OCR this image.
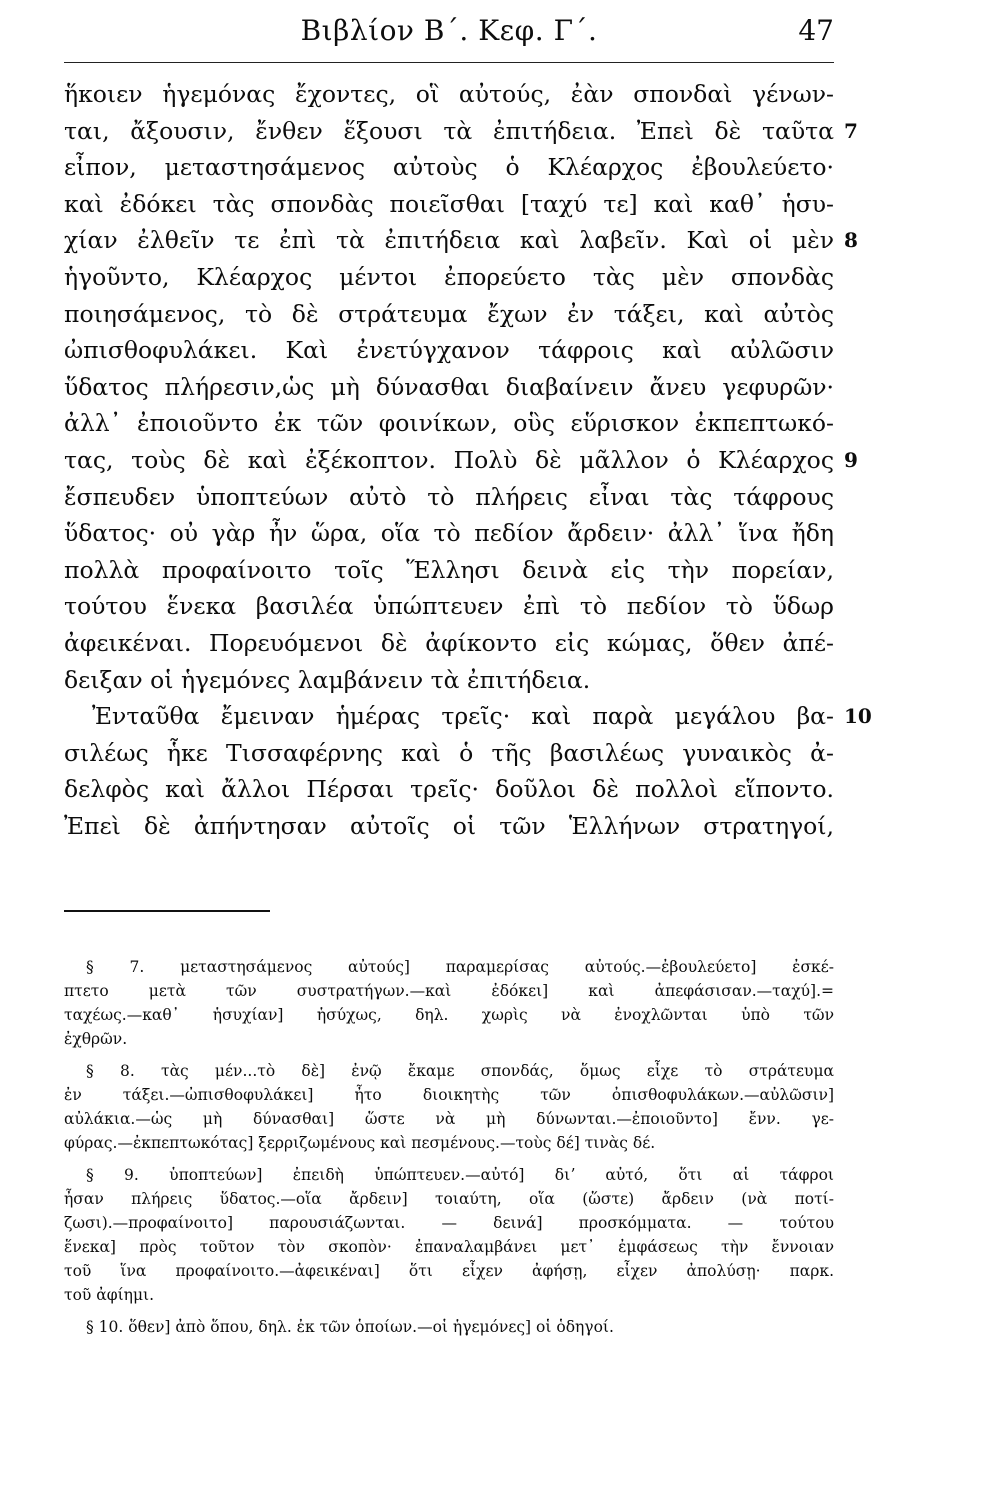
Βιβλίον Β΄. Κεφ. Γ΄.	47
ἥκοιεν ἡγεμόνας ἔχοντες, οἳ αὐτούς, ἐὰν σπονδαὶ γένων-
ται, ἄξουσιν, ἔνθεν ἕξουσι τὰ ἐπιτήδεια. Ἐπεὶ δὲ ταῦτα 7
εἶπον, μεταστησάμενος αὐτοὺς ὁ Κλέαρχος ἐβουλεύετο·
καὶ ἐδόκει τὰς σπονδὰς ποιεῖσθαι [ταχύ τε] καὶ καθ᾽ ἡσυ-
χίαν ἐλθεῖν τε ἐπὶ τὰ ἐπιτήδεια καὶ λαβεῖν. Καὶ οἱ μὲν 8
ἡγοῦντο, Κλέαρχος μέντοι ἐπορεύετο τὰς μὲν σπονδὰς
ποιησάμενος, τὸ δὲ στράτευμα ἔχων ἐν τάξει, καὶ αὐτὸς
ὠπισθοφυλάκει. Καὶ ἐνετύγχανον τάφροις καὶ αὐλῶσιν
ὕδατος πλήρεσιν,ὡς μὴ δύνασθαι διαβαίνειν ἄνευ γεφυρῶν·
ἀλλ᾽ ἐποιοῦντο ἐκ τῶν φοινίκων, οὓς εὕρισκον ἐκπεπτωκό-
τας, τοὺς δὲ καὶ ἐξέκοπτον. Πολὺ δὲ μᾶλλον ὁ Κλέαρχος 9
ἔσπευδεν ὑποπτεύων αὐτὸ τὸ πλήρεις εἶναι τὰς τάφρους
ὕδατος· οὐ γὰρ ἦν ὥρα, οἵα τὸ πεδίον ἄρδειν· ἀλλ᾽ ἵνα ἤδη
πολλὰ προφαίνοιτο τοῖς Ἕλλησι δεινὰ εἰς τὴν πορείαν,
τούτου ἕνεκα βασιλέα ὑπώπτευεν ἐπὶ τὸ πεδίον τὸ ὕδωρ
ἀφεικέναι. Πορευόμενοι δὲ ἀφίκοντο εἰς κώμας, ὅθεν ἀπέ-
δειξαν οἱ ἡγεμόνες λαμβάνειν τὰ ἐπιτήδεια.
Ἐνταῦθα ἔμειναν ἡμέρας τρεῖς· καὶ παρὰ μεγάλου βα- 10
σιλέως ἧκε Τισσαφέρνης καὶ ὁ τῆς βασιλέως γυναικὸς ἀ-
δελφὸς καὶ ἄλλοι Πέρσαι τρεῖς· δοῦλοι δὲ πολλοὶ εἵποντο.
Ἐπεὶ δὲ ἀπήντησαν αὐτοῖς οἱ τῶν Ἑλλήνων στρατηγοί,
§ 7. μεταστησάμενος αὐτούς] παραμερίσας αὐτούς.—ἐβουλεύετο] ἐσκέ-
πτετο μετὰ τῶν συστρατήγων.—καὶ ἐδόκει] καὶ ἀπεφάσισαν.—ταχύ].=
ταχέως.—καθ᾽ ἡσυχίαν] ἡσύχως, δηλ. χωρὶς νὰ ἐνοχλῶνται ὑπὸ τῶν
ἐχθρῶν.
§ 8. τὰς μέν...τὸ δὲ] ἐνῷ ἔκαμε σπονδάς, ὅμως εἶχε τὸ στράτευμα
ἐν τάξει.—ὠπισθοφυλάκει] ἦτο διοικητὴς τῶν ὀπισθοφυλάκων.—αὐλῶσιν]
αὐλάκια.—ὡς μὴ δύνασθαι] ὥστε νὰ μὴ δύνωνται.—ἐποιοῦντο] ἔνν. γε-
φύρας.—ἐκπεπτωκότας] ξερριζωμένους καὶ πεσμένους.—τοὺς δέ] τινὰς δέ.
§ 9. ὑποπτεύων] ἐπειδὴ ὑπώπτευεν.—αὐτό] διʼ αὐτό, ὅτι αἱ τάφροι
ἦσαν πλήρεις ὕδατος.—οἵα ἄρδειν] τοιαύτη, οἵα (ὥστε) ἄρδειν (νὰ ποτί-
ζωσι).—προφαίνοιτο] παρουσιάζωνται. — δεινά] προσκόμματα. — τούτου
ἕνεκα] πρὸς τοῦτον τὸν σκοπὸν· ἐπαναλαμβάνει μετ᾽ ἐμφάσεως τὴν ἔννοιαν
τοῦ ἵνα προφαίνοιτο.—ἀφεικέναι] ὅτι εἶχεν ἀφήσῃ, εἶχεν ἀπολύσῃ· παρκ.
τοῦ ἀφίημι.
§ 10. ὅθεν] ἀπὸ ὅπου, δηλ. ἐκ τῶν ὁποίων.—οἱ ἡγεμόνες] οἱ ὁδηγοί.
